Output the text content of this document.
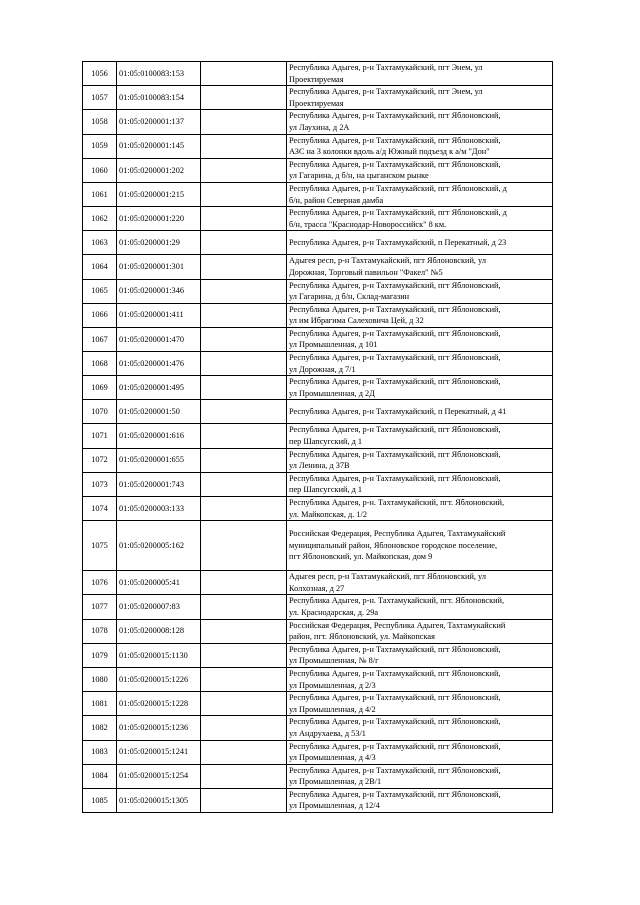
1056	01:05:0100083:153		Республика Адыгея, р-н Тахтамукайский, пгт Энем, ул
Проектируемая

1057	01:05:0100083:154		Республика Адыгея, р-н Тахтамукайский, пгт Энем, ул
Проектируемая

1058	01:05:0200001:137		Республика Адыгея, р-н Тахтамукайский, пгт Яблоновский,
ул Лаухина, д 2А

1059	01:05:0200001:145		Республика Адыгея, р-н Тахтамукайский, пгт Яблоновский,
АЗС на 3 колонки вдоль а/д Южный подъезд к а/м "Дон"

1060	01:05:0200001:202		Республика Адыгея, р-н Тахтамукайский, пгт Яблоновский,
ул Гагарина, д б/н, на цыганском рынке

1061	01:05:0200001:215		Республика Адыгея, р-н Тахтамукайский, пгт Яблоновский, д
б/н, район Северная дамба

1062	01:05:0200001:220		Республика Адыгея, р-н Тахтамукайский, пгт Яблоновский, д
б/н, трасса "Краснодар-Новороссийск" 8 км.

1063	01:05:0200001:29		Республика Адыгея, р-н Тахтамукайский, п Перекатный, д 23

1064	01:05:0200001:301		Адыгея респ, р-н Тахтамукайский, пгт Яблоновский, ул
Дорожная, Торговый павильон "Факел" №5

1065	01:05:0200001:346		Республика Адыгея, р-н Тахтамукайский, пгт Яблоновский,
ул Гагарина, д б/н, Склад-магазин

1066	01:05:0200001:411		Республика Адыгея, р-н Тахтамукайский, пгт Яблоновский,
ул им Ибрагима Салеховича Цей, д 32

1067	01:05:0200001:470		Республика Адыгея, р-н Тахтамукайский, пгт Яблоновский,
ул Промышленная, д 101

1068	01:05:0200001:476		Республика Адыгея, р-н Тахтамукайский, пгт Яблоновский,
ул Дорожная, д 7/1

1069	01:05:0200001:495		Республика Адыгея, р-н Тахтамукайский, пгт Яблоновский,
ул Промышленная, д 2Д

1070	01:05:0200001:50		Республика Адыгея, р-н Тахтамукайский, п Перекатный, д 41

1071	01:05:0200001:616		Республика Адыгея, р-н Тахтамукайский, пгт Яблоновский,
пер Шапсугский, д 1

1072	01:05:0200001:655		Республика Адыгея, р-н Тахтамукайский, пгт Яблоновский,
ул Ленина, д 37В

1073	01:05:0200001:743		Республика Адыгея, р-н Тахтамукайский, пгт Яблоновский,
пер Шапсугский, д 1

1074	01:05:0200003:133		Республика Адыгея, р-н. Тахтамукайский, пгт. Яблоновский,
ул. Майкопская, д. 1/2

1075	01:05:0200005:162		Российская Федерация, Республика Адыгея, Тахтамукайский
муниципальный район, Яблоновское городское поселение,
пгт Яблоновский, ул. Майкопская, дом 9

1076	01:05:0200005:41		Адыгея респ, р-н Тахтамукайский, пгт Яблоновский, ул
Колхозная, д 27

1077	01:05:0200007:83		Республика Адыгея, р-н. Тахтамукайский, пгт. Яблоновский,
ул. Краснодарская, д. 29а

1078	01:05:0200008:128		Российская Федерация, Республика Адыгея, Тахтамукайский
район, пгт. Яблоновский, ул. Майкопская

1079	01:05:0200015:1130		Республика Адыгея, р-н Тахтамукайский, пгт Яблоновский,
ул Промышленная, № 8/г

1080	01:05:0200015:1226		Республика Адыгея, р-н Тахтамукайский, пгт Яблоновский,
ул Промышленная, д 2/3

1081	01:05:0200015:1228		Республика Адыгея, р-н Тахтамукайский, пгт Яблоновский,
ул Промышленная, д 4/2

1082	01:05:0200015:1236		Республика Адыгея, р-н Тахтамукайский, пгт Яблоновский,
ул Андрухаева, д 53/1

1083	01:05:0200015:1241		Республика Адыгея, р-н Тахтамукайский, пгт Яблоновский,
ул Промышленная, д 4/3

1084	01:05:0200015:1254		Республика Адыгея, р-н Тахтамукайский, пгт Яблоновский,
ул Промышленная, д 2В/1

1085	01:05:0200015:1305		Республика Адыгея, р-н Тахтамукайский, пгт Яблоновский,
ул Промышленная, д 12/4
